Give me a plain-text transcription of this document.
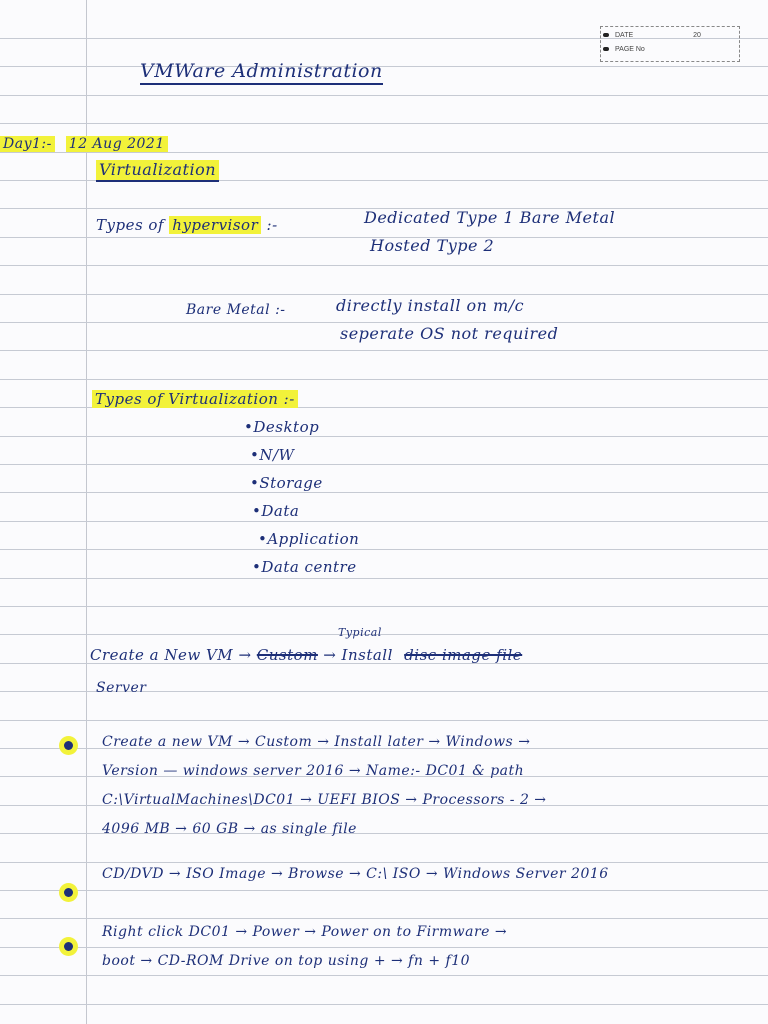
DATE	20
PAGE No
VMWare Administration
Day1:- 12 Aug 2021
Virtualization
Types of hypervisor :-	Dedicated Type 1 Bare Metal
Hosted Type 2
Bare Metal :-	directly install on m/c
seperate OS not required
Types of Virtualization :-
•Desktop
•N/W
•Storage
•Data
•Application
•Data centre
Typical
Create a New VM → Custom → Install disc image file
Server
Create a new VM → Custom → Install later → Windows →
Version — windows server 2016 → Name:- DC01 & path
C:\VirtualMachines\DC01 → UEFI BIOS → Processors - 2 →
4096 MB → 60 GB → as single file
CD/DVD → ISO Image → Browse → C:\ ISO → Windows Server 2016
Right click DC01 → Power → Power on to Firmware →
boot → CD-ROM Drive on top using + → fn + f10
